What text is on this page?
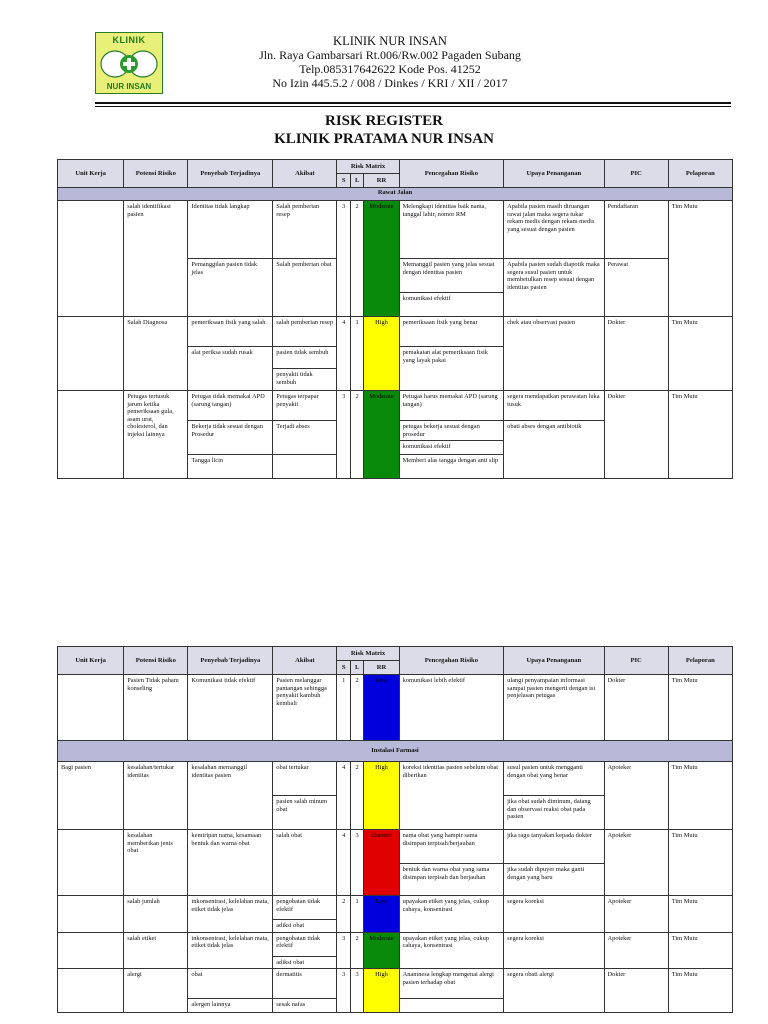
KLINIK
NUR INSAN
KLINIK NUR INSAN
Jln. Raya Gambarsari Rt.006/Rw.002 Pagaden Subang
Telp.085317642622 Kode Pos. 41252
No Izin 445.5.2 / 008 / Dinkes / KRI / XII / 2017
RISK REGISTER
KLINIK PRATAMA NUR INSAN
Unit Kerja	Potensi Risiko	Penyebab Terjadinya	Akibat	Risk Matrix			Pencegahan Risiko	Upaya Penanganan	PIC	Pelaporan
				S	L	RR				
Rawat Jalan										
	salah identifikasi pasien	Identitas tidak langkap	Salah pemberian resep	3	2	Moderate	Melengkapi identitas baik nama, tanggal lahir, nomor RM	Apabila pasien masih diruangan rawat jalan maka segera tukar rekam medis dengan rekam medis yang sesuai dengan pasien	Pendaftaran	Tim Mutu
		Pemanggilan pasien tidak jelas	Salah pemberian obat				Memanggil pasien yang jelas sesuai dengan identitas pasien	Apabila pasien sudah diapotik maka segera susul pasien untuk membetulkan resep sesuai dengan identitas pasien	Perawat	
							komunikasi efektif			
	Salah Diagnosa	pemeriksaan fisik yang salah	salah pemberian resep	4	1	High	pemeriksaan fisik yang benar	chek atau observasi pasien	Dokter	Tim Mutu
		alat periksa sudah rusak	pasien tidak sembuh				pemakaian alat pemeriksaan fisik yang layak pakai			
			penyakit tidak sembuh							
	Petugas tertusuk jarum ketika pemeriksaan gula, asam urat, cholesterol, dan injeksi lainnya	Petugas tidak memakai APD (sarung tangan)	Petugas terpapar penyakit	3	2	Moderate	Petugas harus memakai APD (sarung tangan)	segera mendapatkan perawatan luka tusuk	Dokter	Tim Mutu
		Bekerja tidak sesuai dengan Prosedur	Terjadi abses				petugas bekerja sesuai dengan prosedur	obati abses dengan antibiotik		
							komunikasi efektif			
		Tangga licin					Memberi alas tangga dengan anti slip			
Unit Kerja	Potensi Risiko	Penyebab Terjadinya	Akibat	Risk Matrix			Pencegahan Risiko	Upaya Penanganan	PIC	Pelaporan
				S	L	RR				
	Pasien Tidak paham konseling	Komunikasi tidak efektif	Pasien melanggar pantangan sehingga penyakit kambuh kembali	1	2	Low	komunikasi lebih efektif	ulangi penyampaian informasi sampai pasien mengerti dengan isi penjelasan petugas	Dokter	Tim Mutu
Instalasi Farmasi										
Bagi pasien	kesalahan/tertukar identitas	kesalahan memanggil identitas pasien	obat tertukar	4	2	High	koreksi identitas pasien sebelum obat diberikan	susul pasien untuk mengganti dengan obat yang benar	Apoteker	Tim Mutu
			pasien salah minum obat					jika obat sudah diminum, datang dan observasi reaksi obat pada pasien		
	kesalahan memberikan jenis obat	kemiripan nama, kesamaan bentuk dan warna obat	salah obat	4	3	Ekstrem	nama obat yang hampir sama disimpan terpisah/berjauhan	jika ragu tanyakan kepada dokter	Apoteker	Tim Mutu
							bentuk dan warna obat yang sama disimpan terpisah dan berjauhan	jika sudah dipuyer maka ganti dengan yang baru		
	salah jumlah	inkonsentrasi, kelelahan mata, etiket tidak jelas	pengobatan tidak efektif	2	1	Low	upayakan etiket yang jelas, cukup cahaya, konsentrasi	segera koreksi	Apoteker	Tim Mutu
			adiksi obat							
	salah etiket	inkonsentrasi, kelelahan mata, etiket tidak jelas	pengobatan tidak efektif	3	2	Moderate	upayakan etiket yang jelas, cukup cahaya, konsentrasi	segera koreksi	Apoteker	Tim Mutu
			adiksi obat							
	alergi	obat	dermatitis	3	3	High	Anamnesa lengkap mengenai alergi pasien terhadap obat	segera obati alergi	Dokter	Tim Mutu
		alergen lainnya	sesak nafas							
